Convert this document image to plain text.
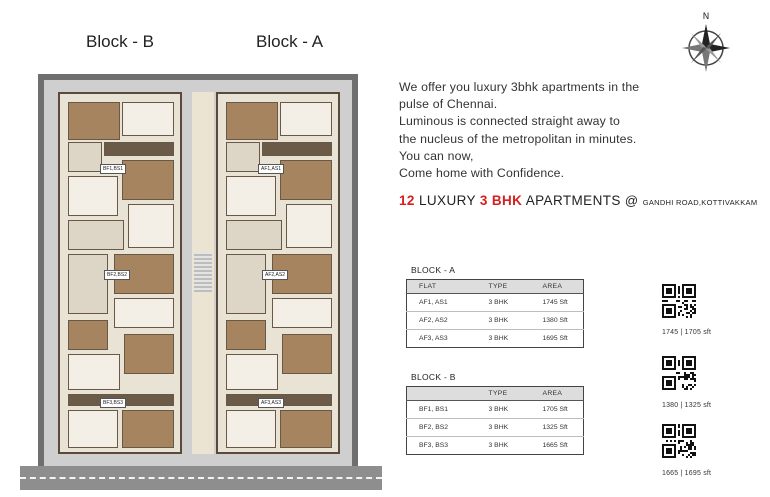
Block - B	Block - A
N
BF1,BS1
BF2,BS2
BF3,BS3
AF1,AS1
AF2,AS2
AF3,AS3
We offer you luxury 3bhk apartments in the
pulse of Chennai.
Luminous is connected straight away to
the nucleus of the metropolitan in minutes.
You can now,
Come home with Confidence.
12 LUXURY 3 BHK APARTMENTS @ GANDHI ROAD,KOTTIVAKKAM
BLOCK - A
FLAT	TYPE	AREA
AF1, AS1	3 BHK	1745 Sft
AF2, AS2	3 BHK	1380 Sft
AF3, AS3	3 BHK	1695 Sft
BLOCK - B
	TYPE	AREA
BF1, BS1	3 BHK	1705 Sft
BF2, BS2	3 BHK	1325 Sft
BF3, BS3	3 BHK	1665 Sft
1745 | 1705 sft
1380 | 1325 sft
1665 | 1695 sft
